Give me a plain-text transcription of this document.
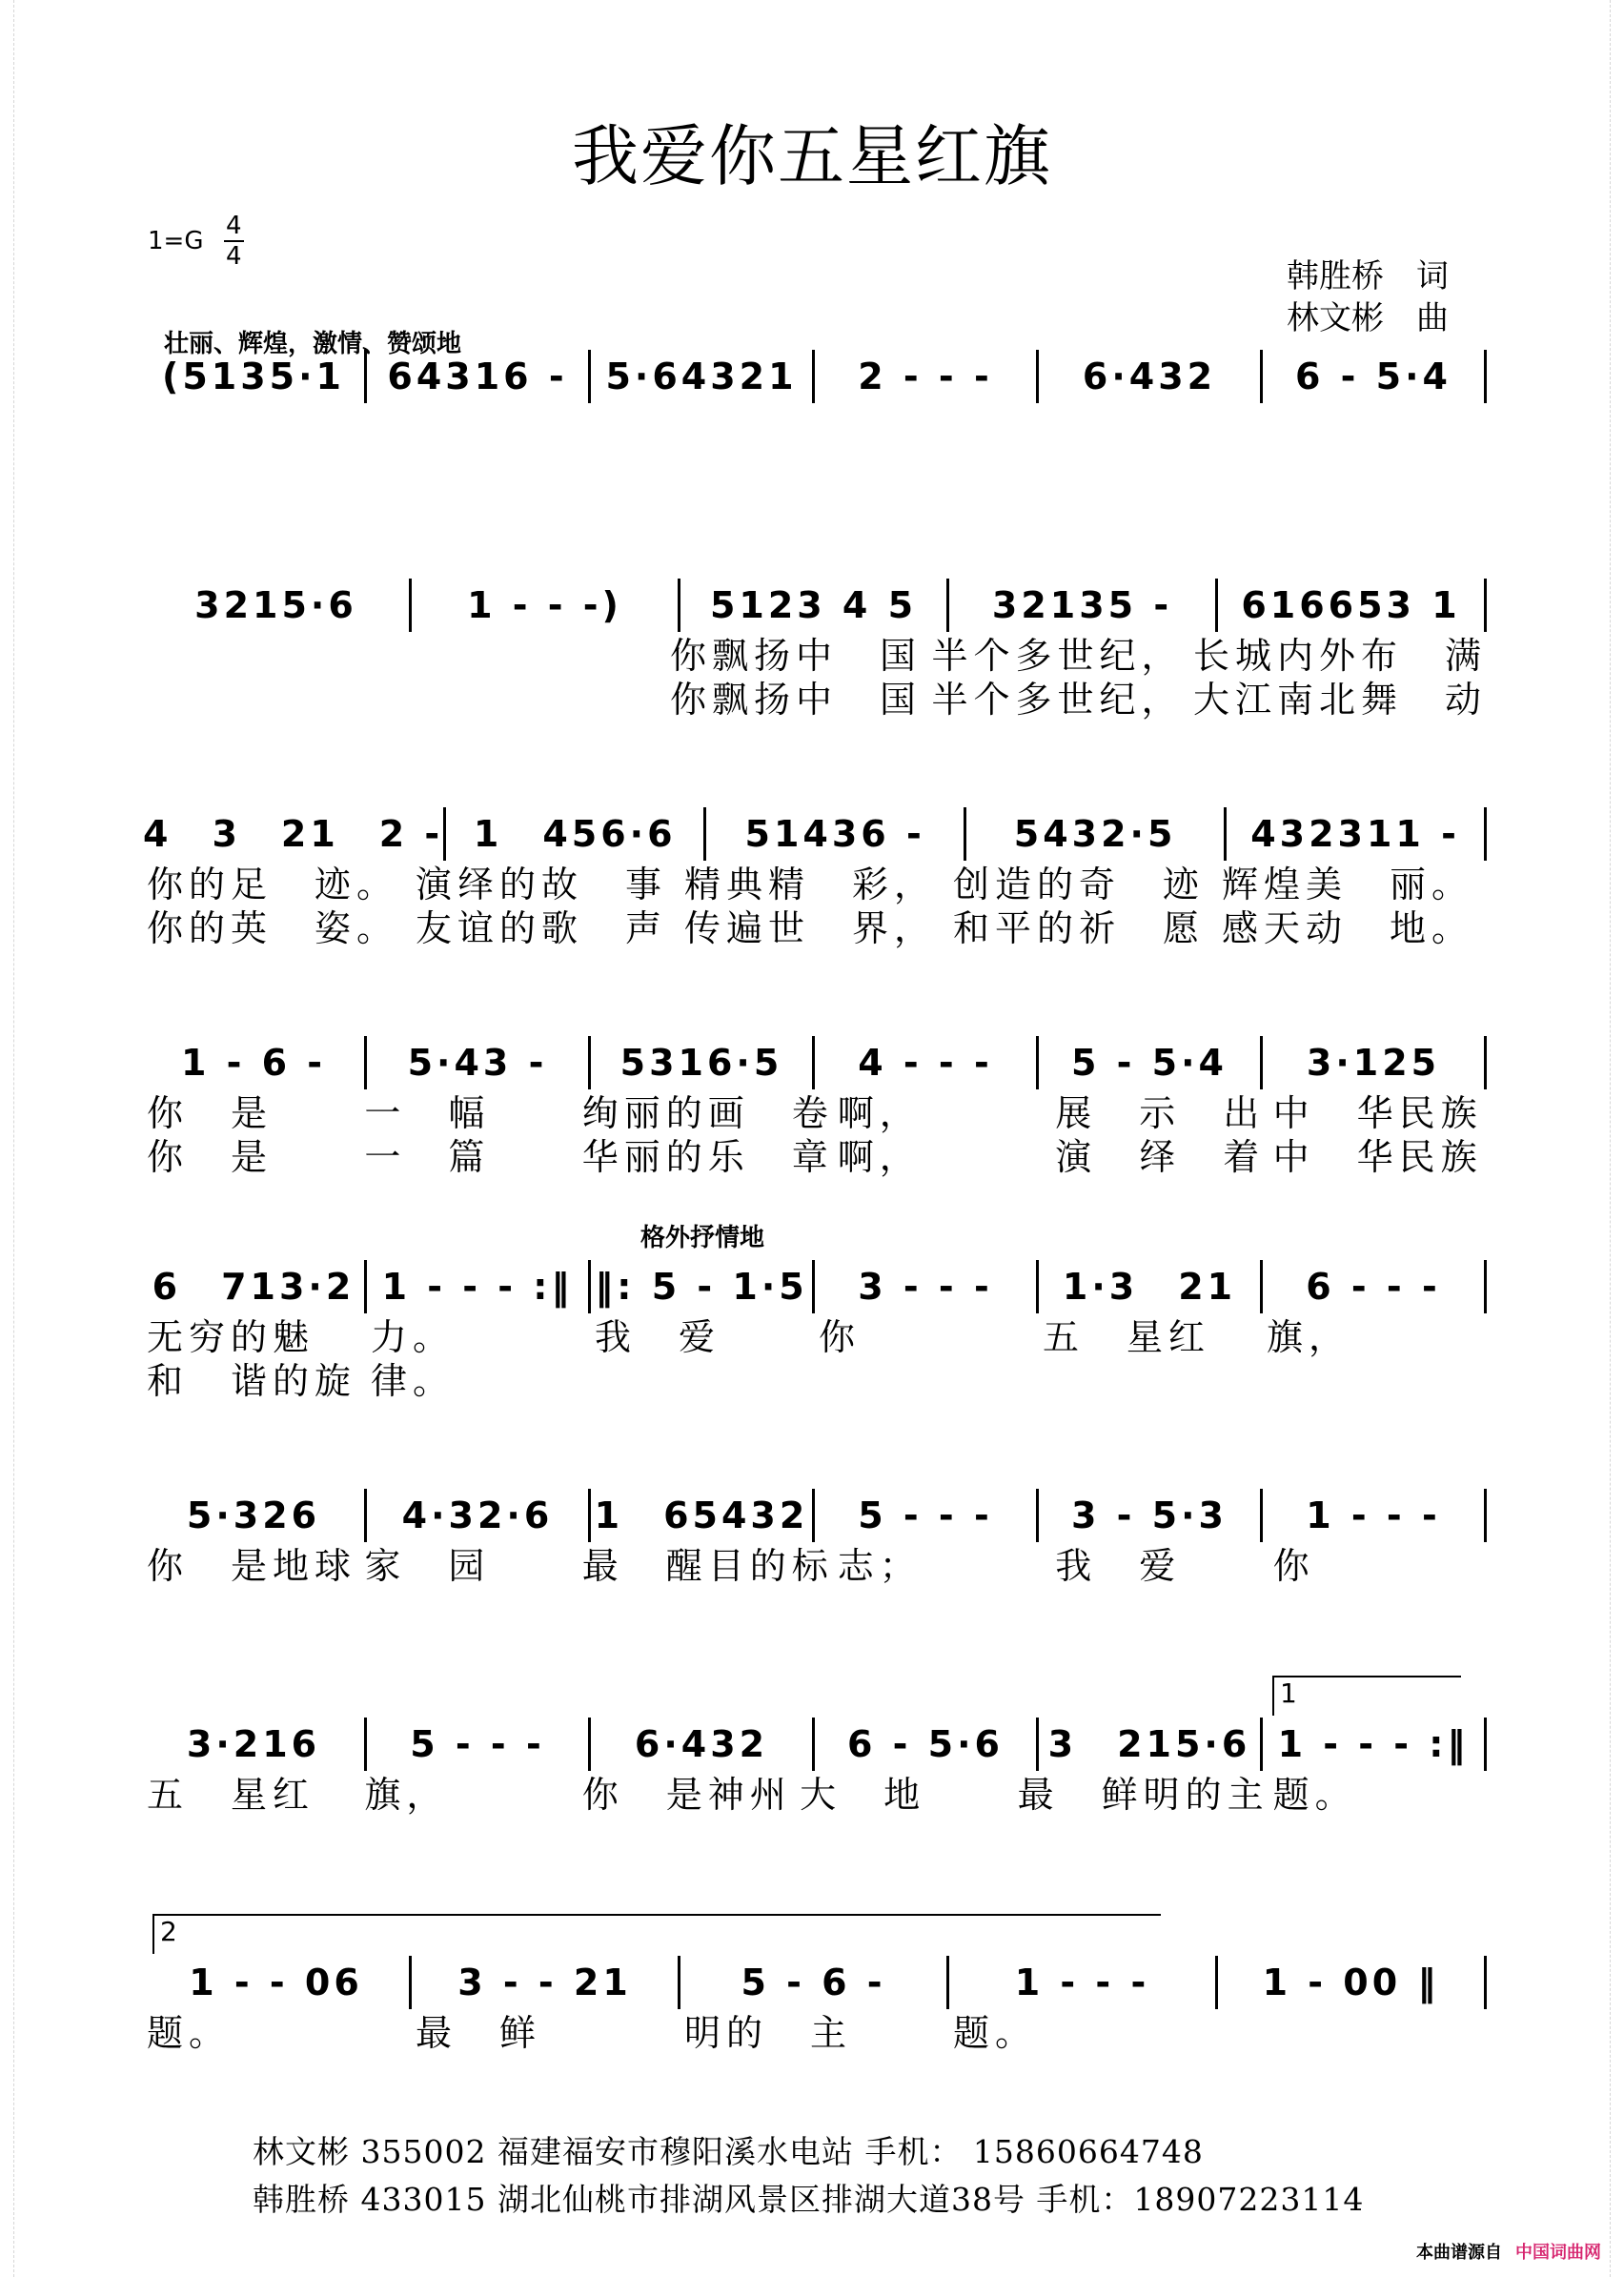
我爱你五星红旗
1=G
4
4
韩胜桥　词
林文彬　曲
壮丽、辉煌，激情、赞颂地
格外抒情地
(5135·1	64316 -	5·64321	2 - - -	6·432	6 - 5·4
3215·6	1 - - -)	5123 4 5	32135 -	616653 1
你飘扬中　国 半个多世纪， 长城内外布　满
你飘扬中　国 半个多世纪， 大江南北舞　动
4　3　21　2 - 1　456·6	51436 -	5432·5	432311 -
你的足　迹。 演绎的故　事 精典精　彩， 创造的奇　迹 辉煌美　丽。
你的英　姿。 友谊的歌　声 传遍世　界， 和平的祈　愿 感天动　地。
1 - 6 -	5·43 -	5316·5	4 - - -	5 - 5·4	3·125
你　是	一　幅	绚丽的画　卷 啊，	展　示　出 中　华民族
你　是	一　篇	华丽的乐　章 啊，	演　绎　着 中　华民族
6　713·2 1 - - - :‖ ‖: 5 - 1·5	3 - - -	1·3　21	6 - - -
无穷的魅	力。	我　爱	你	五　星红	旗，
和　谐的旋 律。
5·326	4·32·6	1　65432	5 - - -	3 - 5·3	1 - - -
你　是地球 家　园	最　醒目的标 志；	我　爱	你
3·216	5 - - -	6·432	6 - 5·6	3　215·6 1 - - - :‖
五　星红	旗，	你　是神州 大　地	最　鲜明的主 题。
1 - - 06	3 - - 21	5 - 6 -	1 - - -	1 - 00 ‖
题。	最　鲜	明的　主	题。
1
2
林文彬 355002 福建福安市穆阳溪水电站 手机： 15860664748
韩胜桥 433015 湖北仙桃市排湖风景区排湖大道38号 手机：18907223114
本曲谱源自 中国词曲网
